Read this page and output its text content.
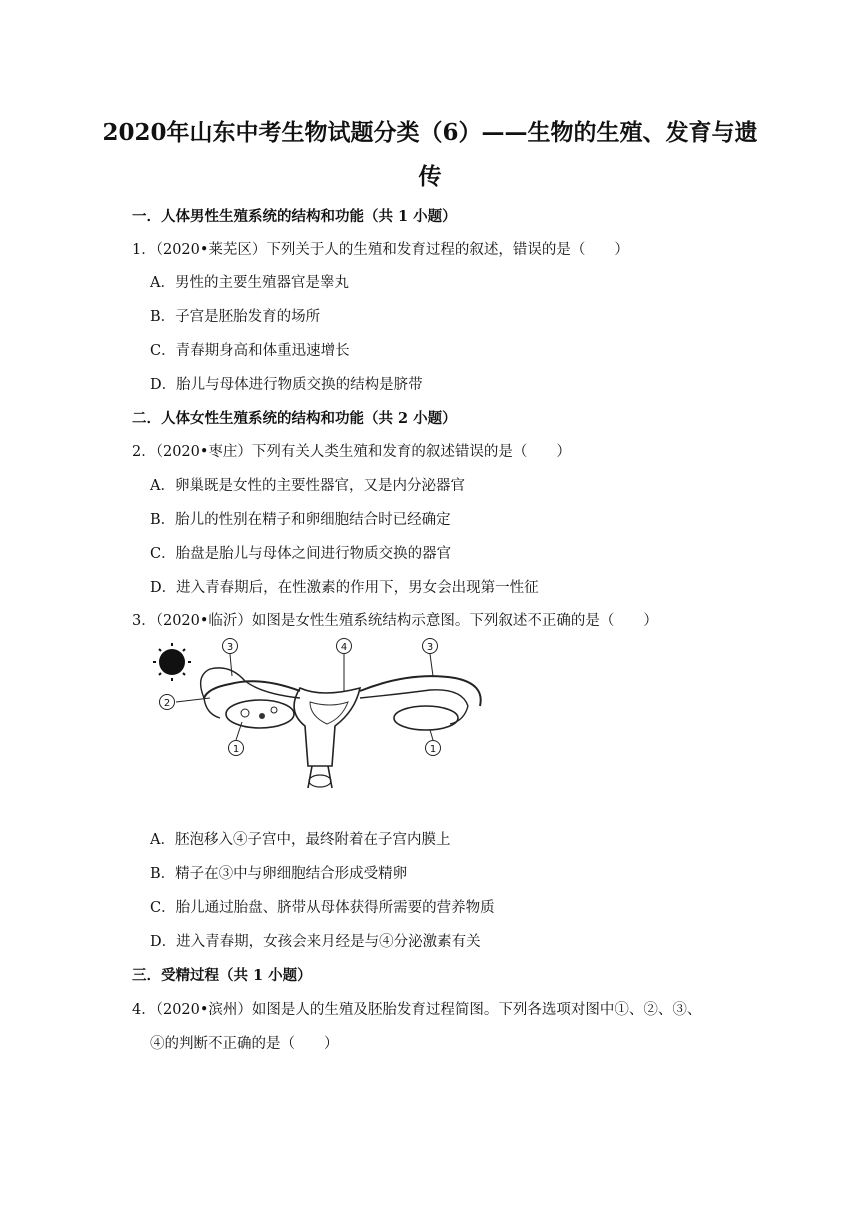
2020年山东中考生物试题分类（6）——生物的生殖、发育与遗
传
一．人体男性生殖系统的结构和功能（共 1 小题）
1．（2020•莱芜区）下列关于人的生殖和发育过程的叙述，错误的是（　　）
A．男性的主要生殖器官是睾丸
B．子宫是胚胎发育的场所
C．青春期身高和体重迅速增长
D．胎儿与母体进行物质交换的结构是脐带
二．人体女性生殖系统的结构和功能（共 2 小题）
2．（2020•枣庄）下列有关人类生殖和发育的叙述错误的是（　　）
A．卵巢既是女性的主要性器官，又是内分泌器官
B．胎儿的性别在精子和卵细胞结合时已经确定
C．胎盘是胎儿与母体之间进行物质交换的器官
D．进入青春期后，在性激素的作用下，男女会出现第一性征
3．（2020•临沂）如图是女性生殖系统结构示意图。下列叙述不正确的是（　　）
3	4	3
2
1	1
A．胚泡移入④子宫中，最终附着在子宫内膜上
B．精子在③中与卵细胞结合形成受精卵
C．胎儿通过胎盘、脐带从母体获得所需要的营养物质
D．进入青春期，女孩会来月经是与④分泌激素有关
三．受精过程（共 1 小题）
4．（2020•滨州）如图是人的生殖及胚胎发育过程简图。下列各选项对图中①、②、③、
④的判断不正确的是（　　）
